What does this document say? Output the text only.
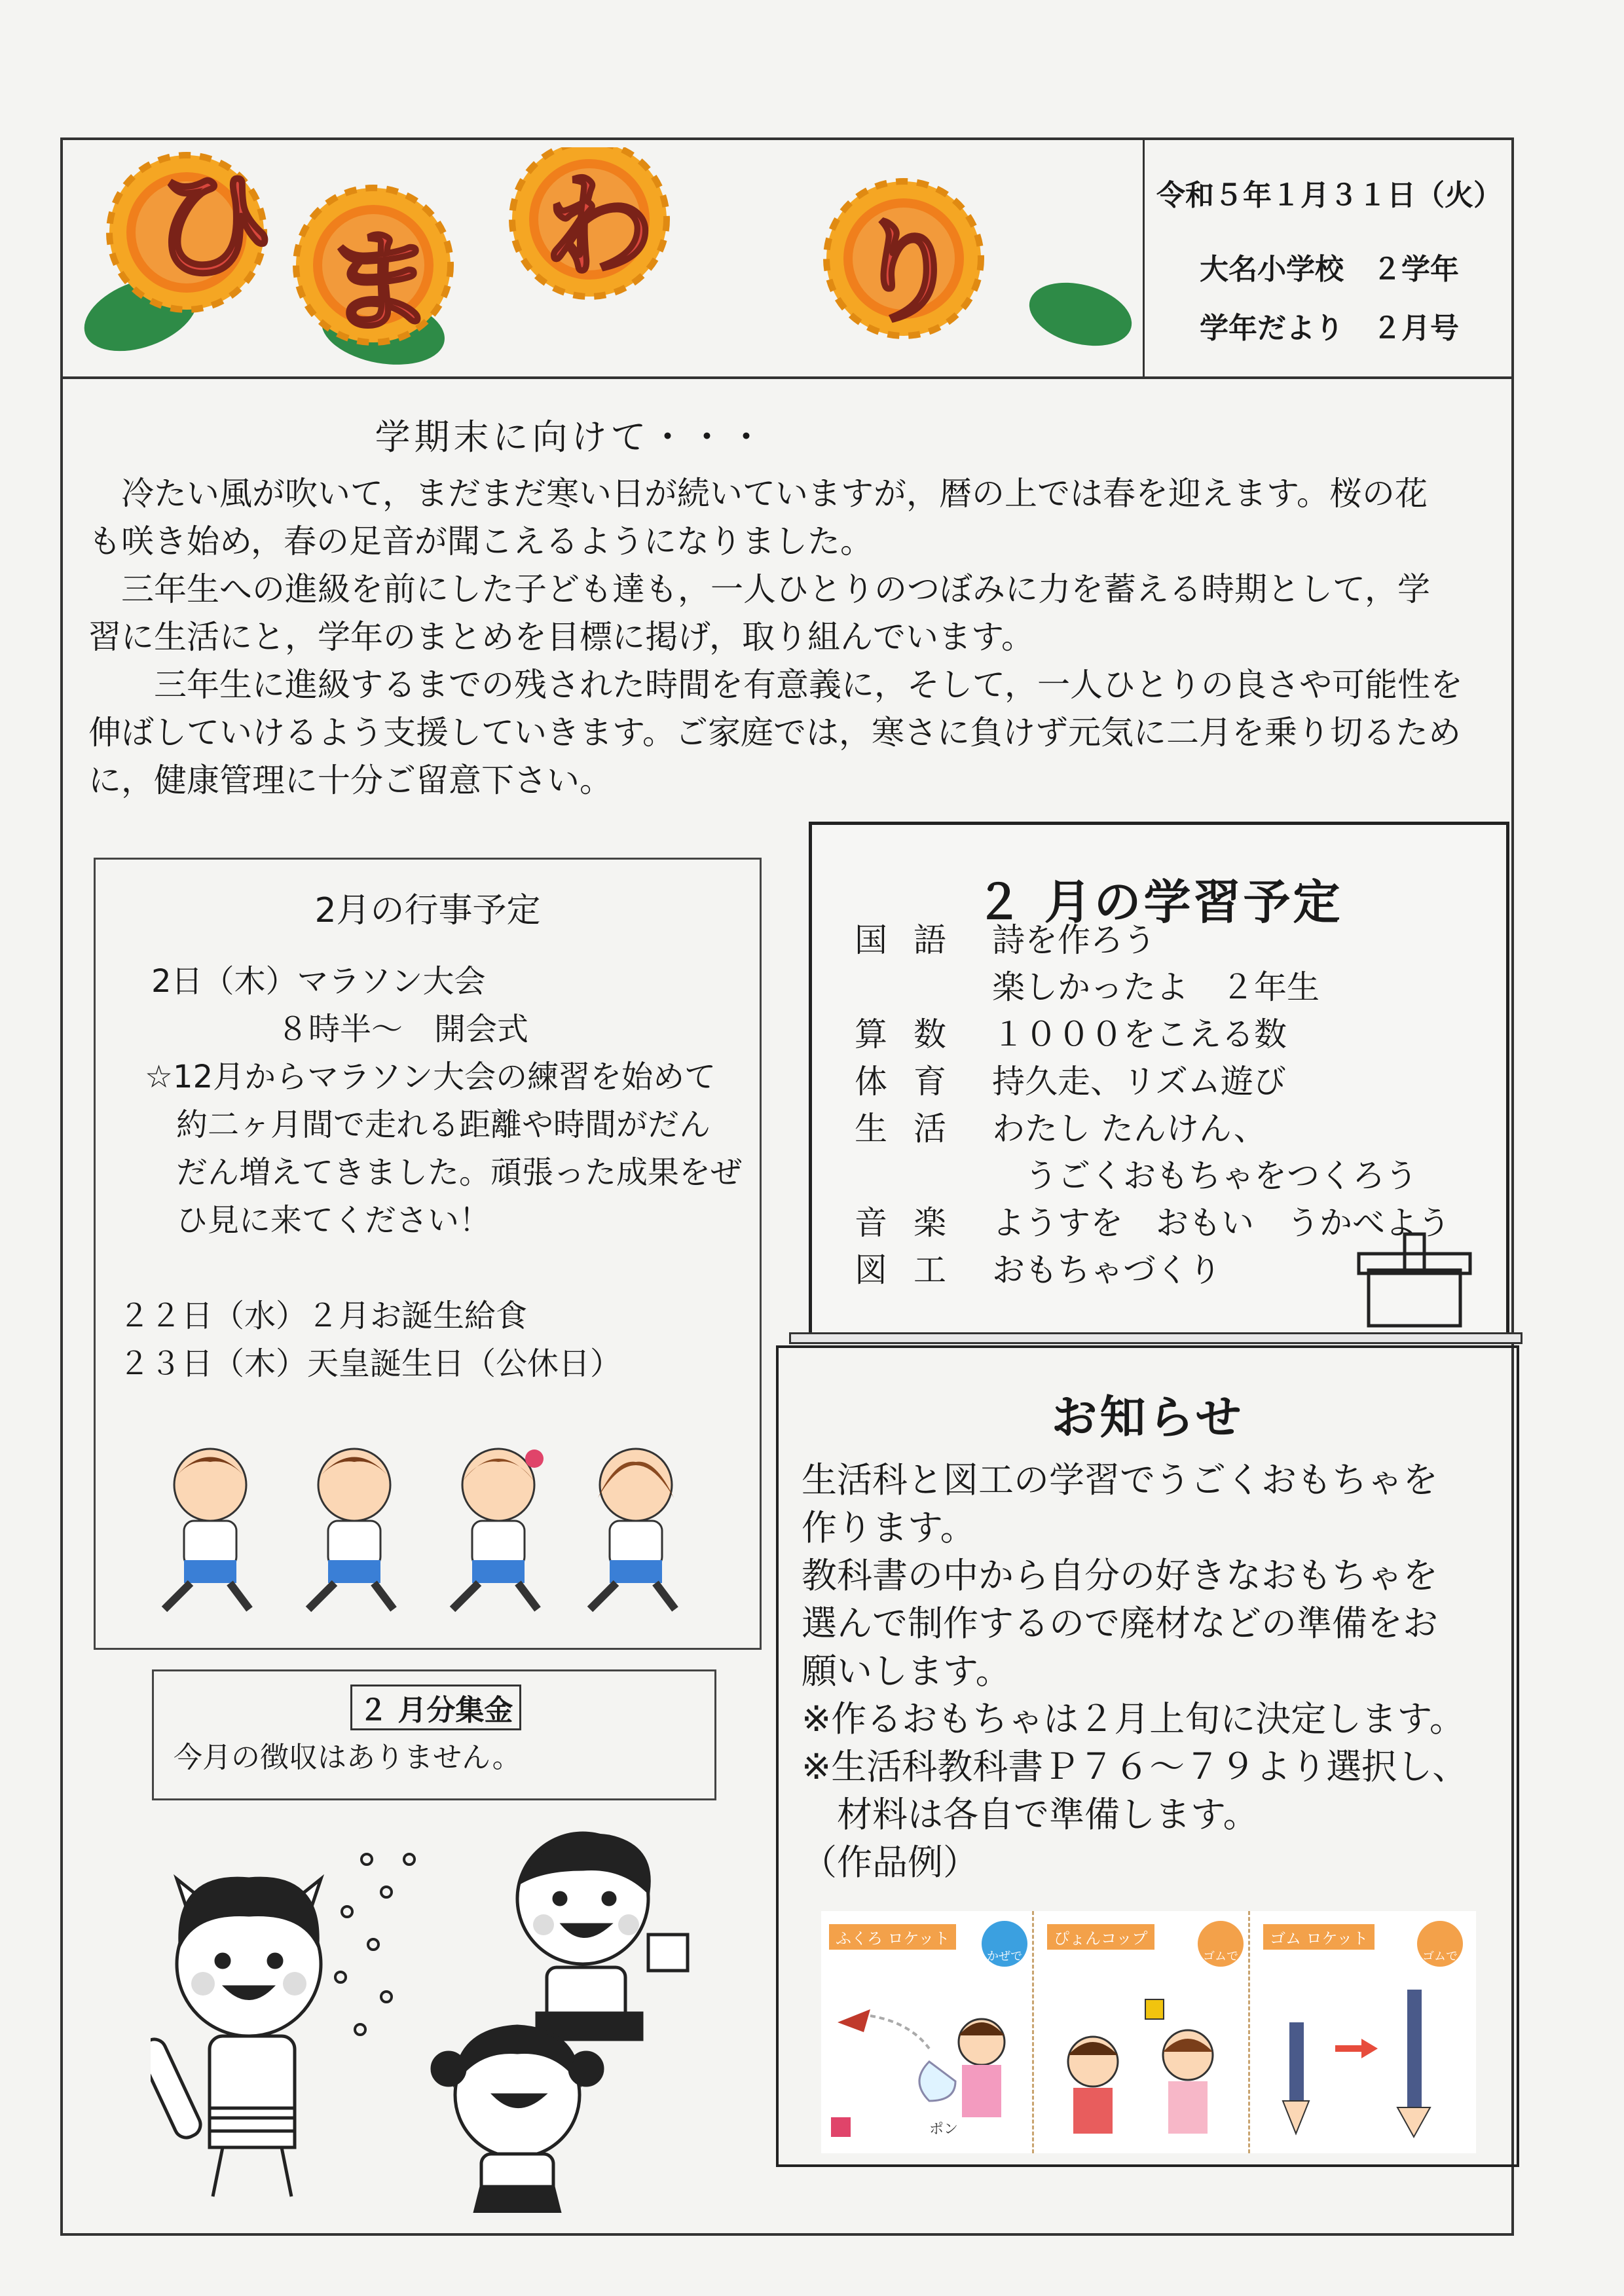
ひ ま わ り
令和５年１月３１日（火）
大名小学校　２学年
学年だより　２月号
学期末に向けて・・・

　冷たい風が吹いて，まだまだ寒い日が続いていますが，暦の上では春を迎えます。桜の花

も咲き始め，春の足音が聞こえるようになりました。

　三年生への進級を前にした子ども達も，一人ひとりのつぼみに力を蓄える時期として，学

習に生活にと，学年のまとめを目標に掲げ，取り組んでいます。

　　三年生に進級するまでの残された時間を有意義に，そして，一人ひとりの良さや可能性を

伸ばしていけるよう支援していきます。ご家庭では，寒さに負けず元気に二月を乗り切るため

に，健康管理に十分ご留意下さい。

2月の行事予定
2日（木）マラソン大会
　　　　８時半～　開会式
☆12月からマラソン大会の練習を始めて
　約二ヶ月間で走れる距離や時間がだん
　だん増えてきました。頑張った成果をぜ
　ひ見に来てください！

２２日（水）２月お誕生給食
２３日（木）天皇誕生日（公休日）
２ 月分集金
今月の徴収はありません。
２ 月の学習予定
国語 詩を作ろう
楽しかったよ　２年生
算数 １０００をこえる数
体育 持久走、リズム遊び
生活 わたし たんけん、
　うごくおもちゃをつくろう
音楽 ようすを　おもい　うかべよう
図工 おもちゃづくり
お知らせ
生活科と図工の学習でうごくおもちゃを
作ります。
教科書の中から自分の好きなおもちゃを
選んで制作するので廃材などの準備をお
願いします。
※作るおもちゃは２月上旬に決定します。
※生活科教科書Ｐ７６～７９より選択し、
　材料は各自で準備します。
（作品例）
ふくろ ロケット
かぜで
ポン
ぴょんコップ
ゴムで
ゴム ロケット
ゴムで
